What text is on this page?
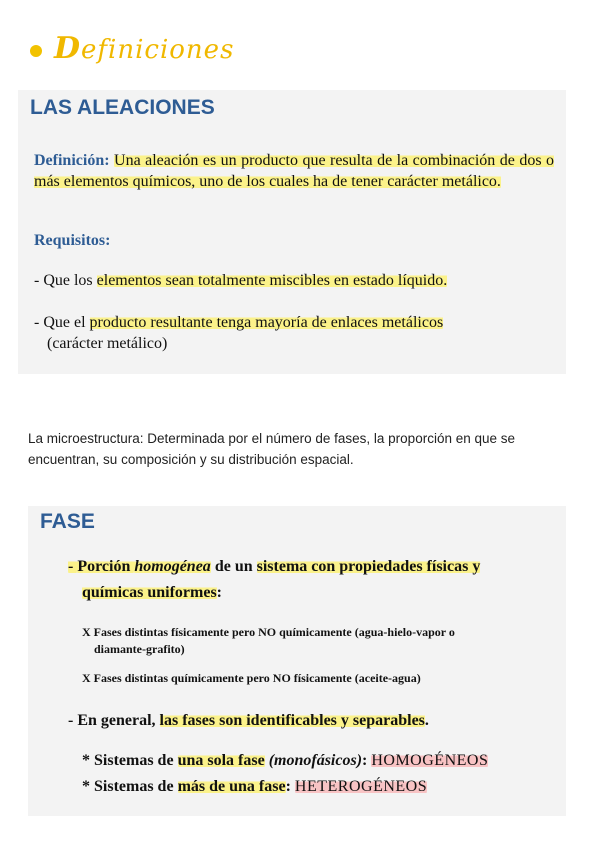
Definiciones
LAS ALEACIONES
Definición: Una aleación es un producto que resulta de la combinación de dos o más elementos químicos, uno de los cuales ha de tener carácter metálico.
Requisitos:
- Que los elementos sean totalmente miscibles en estado líquido.
- Que el producto resultante tenga mayoría de enlaces metálicos
(carácter metálico)
La microestructura: Determinada por el número de fases, la proporción en que se encuentran, su composición y su distribución espacial.
FASE
- Porción homogénea de un sistema con propiedades físicas y
químicas uniformes:
X Fases distintas físicamente pero NO químicamente (agua-hielo-vapor o
diamante-grafito)
X Fases distintas químicamente pero NO físicamente (aceite-agua)
- En general, las fases son identificables y separables.
* Sistemas de una sola fase (monofásicos): HOMOGÉNEOS
* Sistemas de más de una fase: HETEROGÉNEOS
